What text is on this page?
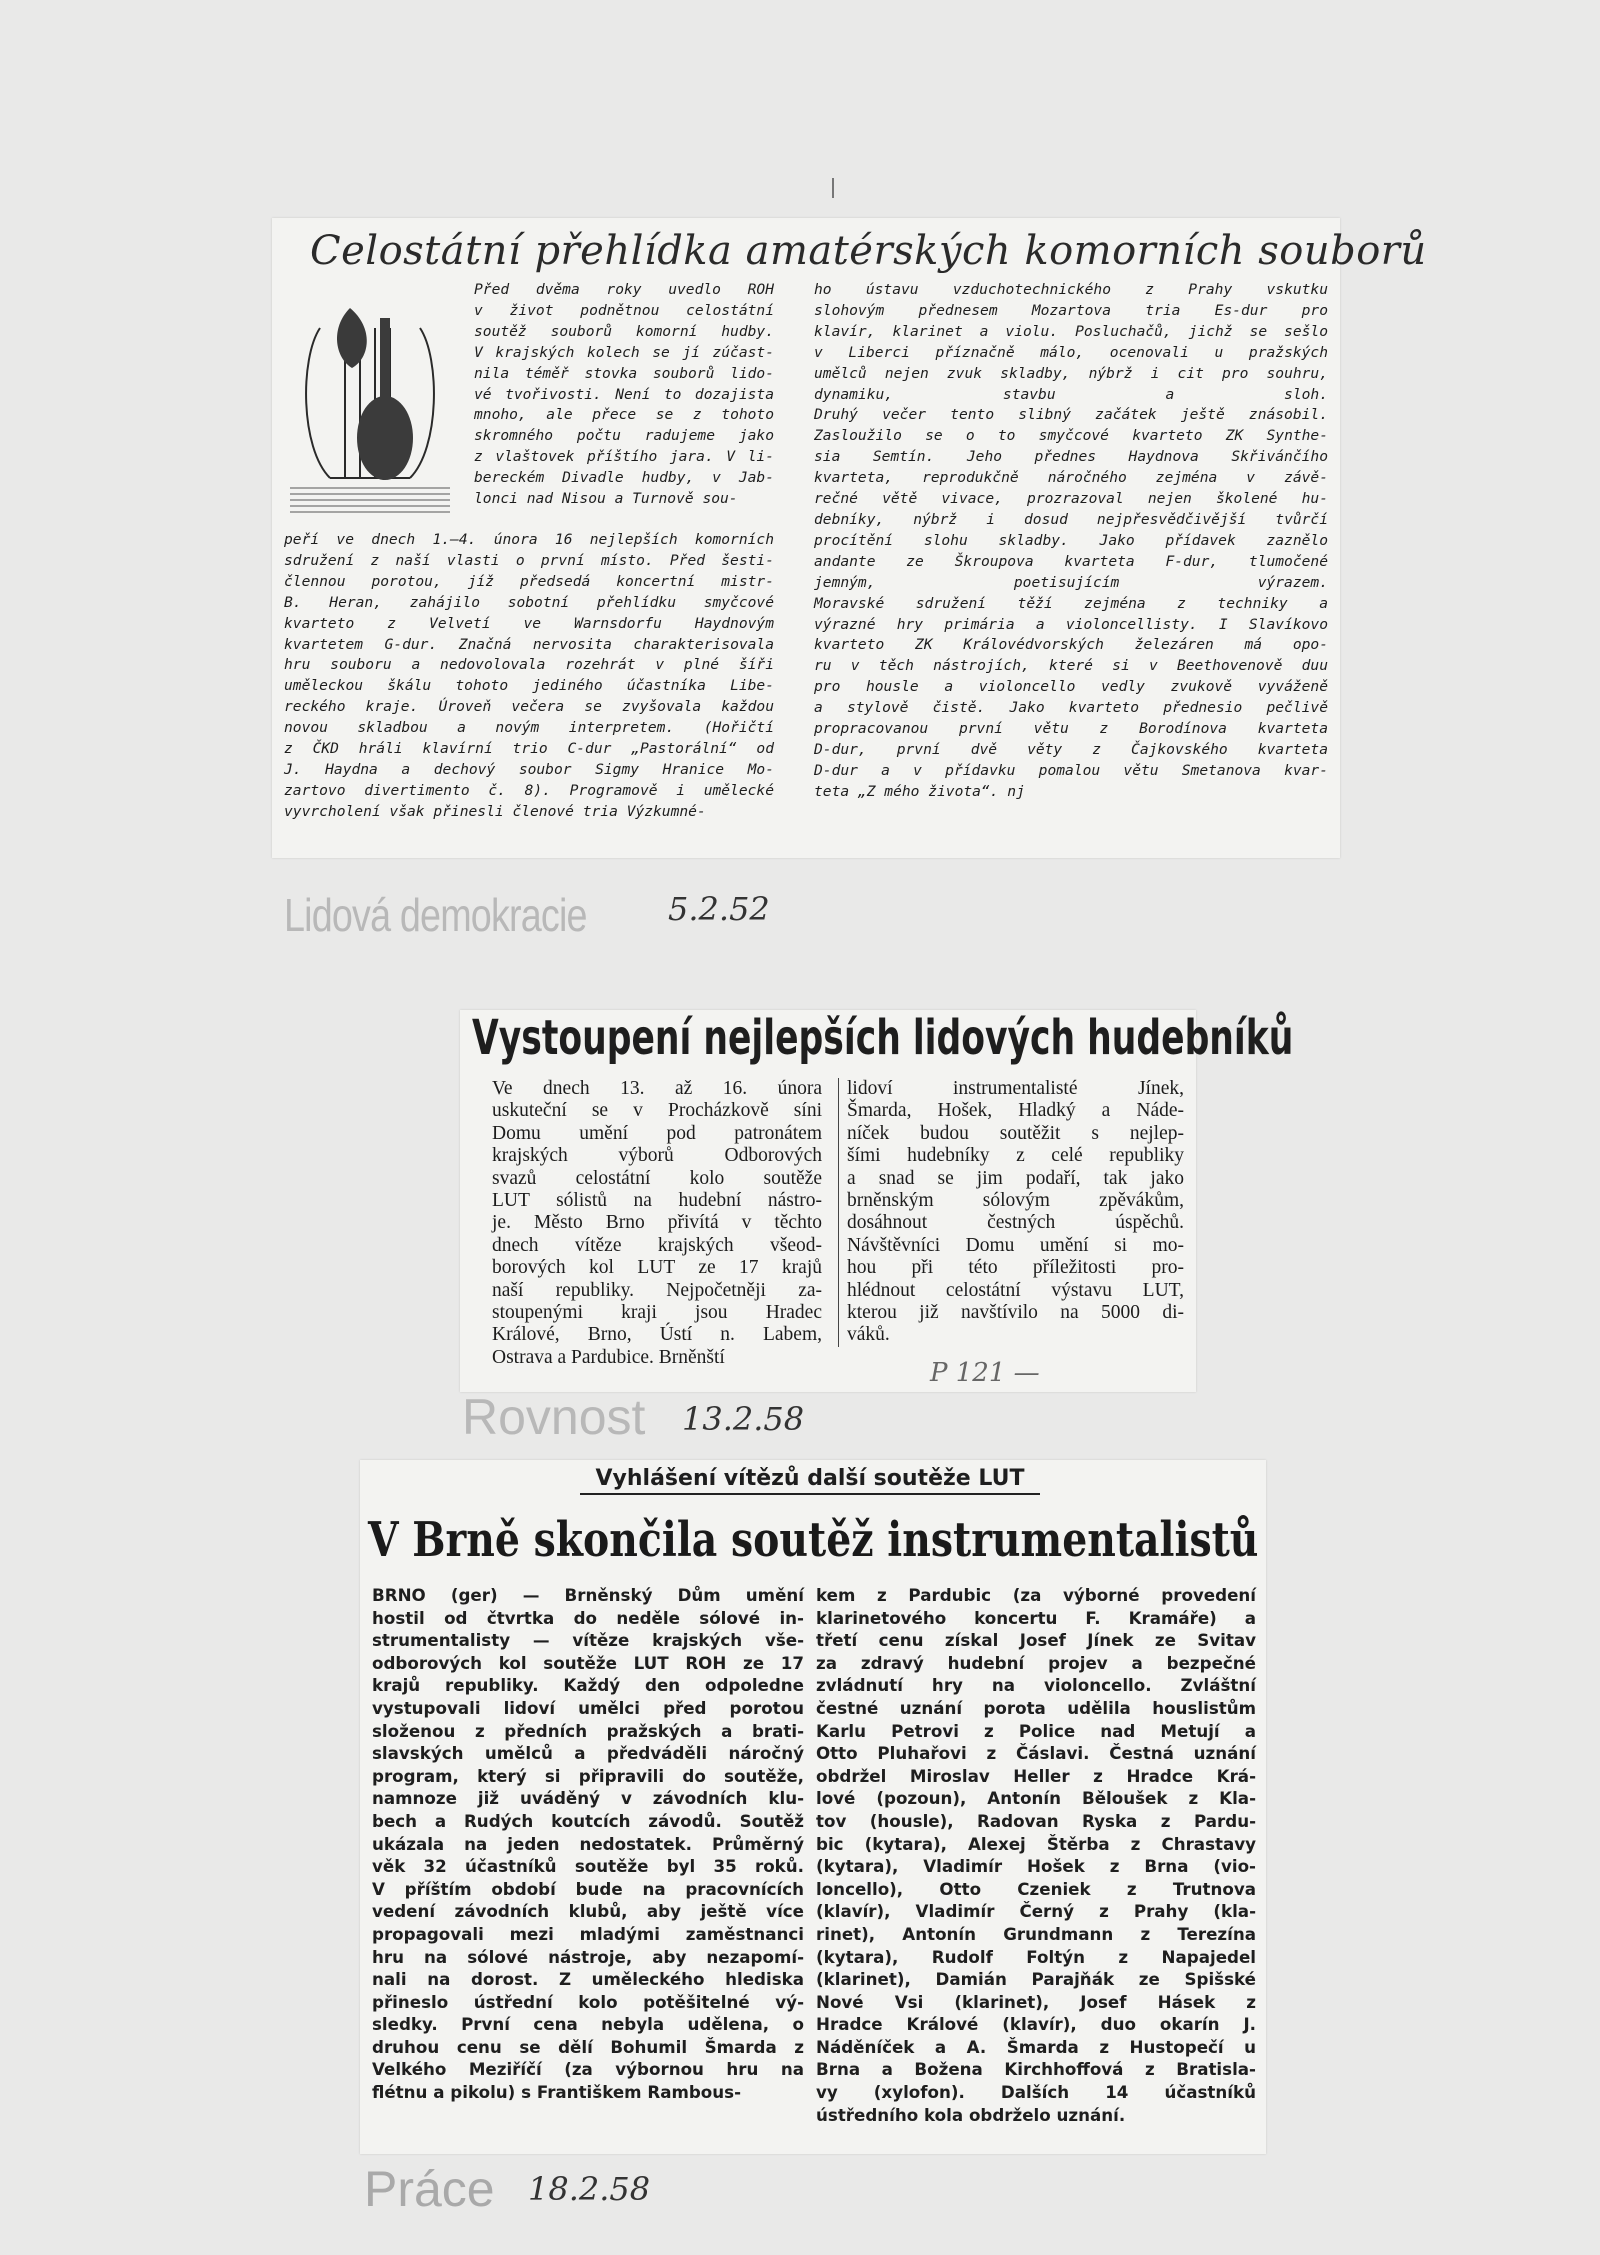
Celostátní přehlídka amatérských komorních souborů
Před dvěma roky uvedlo ROH
v život podnětnou celostátní
soutěž souborů komorní hudby.
V krajských kolech se jí zúčast-
nila téměř stovka souborů lido-
vé tvořivosti. Není to dozajista
mnoho, ale přece se z tohoto
skromného počtu radujeme jako
z vlaštovek příštího jara. V li-
bereckém Divadle hudby, v Jab-
lonci nad Nisou a Turnově sou-
peří ve dnech 1.—4. února 16 nejlepších komorních
sdružení z naší vlasti o první místo. Před šesti-
člennou porotou, jíž předsedá koncertní mistr-
B. Heran, zahájilo sobotní přehlídku smyčcové
kvarteto z Velvetí ve Warnsdorfu Haydnovým
kvartetem G-dur. Značná nervosita charakterisovala
hru souboru a nedovolovala rozehrát v plné šíři
uměleckou škálu tohoto jediného účastníka Libe-
reckého kraje. Úroveň večera se zvyšovala každou
novou skladbou a novým interpretem. (Hořičtí
z ČKD hráli klavírní trio C-dur „Pastorální“ od
J. Haydna a dechový soubor Sigmy Hranice Mo-
zartovo divertimento č. 8). Programově i umělecké
vyvrcholení však přinesli členové tria Výzkumné-
ho ústavu vzduchotechnického z Prahy vskutku
slohovým přednesem Mozartova tria Es-dur pro
klavír, klarinet a violu. Posluchačů, jichž se sešlo
v Liberci příznačně málo, ocenovali u pražských
umělců nejen zvuk skladby, nýbrž i cit pro souhru,
dynamiku, stavbu a sloh.
Druhý večer tento slibný začátek ještě znásobil.
Zasloužilo se o to smyčcové kvarteto ZK Synthe-
sia Semtín. Jeho přednes Haydnova Skřivánčího
kvarteta, reprodukčně náročného zejména v závě-
rečné větě vivace, prozrazoval nejen školené hu-
debníky, nýbrž i dosud nejpřesvědčivější tvůrčí
procítění slohu skladby. Jako přídavek zaznělo
andante ze Škroupova kvarteta F-dur, tlumočené
jemným, poetisujícím výrazem.
Moravské sdružení těží zejména z techniky a
výrazné hry primária a violoncellisty. I Slavíkovo
kvarteto ZK Královédvorských železáren má opo-
ru v těch nástrojích, které si v Beethovenově duu
pro housle a violoncello vedly zvukově vyváženě
a stylově čistě. Jako kvarteto přednesio pečlivě
propracovanou první větu z Borodínova kvarteta
D-dur, první dvě věty z Čajkovského kvarteta
D-dur a v přídavku pomalou větu Smetanova kvar-
teta „Z mého života“. nj
Lidová demokracie	5.2.52
Vystoupení nejlepších lidových hudebníků
Ve dnech 13. až 16. února
uskuteční se v Procházkově síni
Domu umění pod patronátem
krajských výborů Odborových
svazů celostátní kolo soutěže
LUT sólistů na hudební nástro-
je. Město Brno přivítá v těchto
dnech vítěze krajských všeod-
borových kol LUT ze 17 krajů
naší republiky. Nejpočetněji za-
stoupenými kraji jsou Hradec
Králové, Brno, Ústí n. Labem,
Ostrava a Pardubice. Brněnští
lidoví instrumentalisté Jínek,
Šmarda, Hošek, Hladký a Náde-
níček budou soutěžit s nejlep-
šími hudebníky z celé republiky
a snad se jim podaří, tak jako
brněnským sólovým zpěvákům,
dosáhnout čestných úspěchů.
Návštěvníci Domu umění si mo-
hou při této příležitosti pro-
hlédnout celostátní výstavu LUT,
kterou již navštívilo na 5000 di-
váků.
P 121 —
Rovnost 13.2.58
Vyhlášení vítězů další soutěže LUT
V Brně skončila soutěž instrumentalistů
BRNO (ger) — Brněnský Dům umění
hostil od čtvrtka do neděle sólové in-
strumentalisty — vítěze krajských vše-
odborových kol soutěže LUT ROH ze 17
krajů republiky. Každý den odpoledne
vystupovali lidoví umělci před porotou
složenou z předních pražských a brati-
slavských umělců a předváděli náročný
program, který si připravili do soutěže,
namnoze již uváděný v závodních klu-
bech a Rudých koutcích závodů. Soutěž
ukázala na jeden nedostatek. Průměrný
věk 32 účastníků soutěže byl 35 roků.
V příštím období bude na pracovnících
vedení závodních klubů, aby ještě více
propagovali mezi mladými zaměstnanci
hru na sólové nástroje, aby nezapomí-
nali na dorost. Z uměleckého hlediska
přineslo ústřední kolo potěšitelné vý-
sledky. První cena nebyla udělena, o
druhou cenu se dělí Bohumil Šmarda z
Velkého Meziříčí (za výbornou hru na
flétnu a pikolu) s Františkem Rambous-
kem z Pardubic (za výborné provedení
klarinetového koncertu F. Kramáře) a
třetí cenu získal Josef Jínek ze Svitav
za zdravý hudební projev a bezpečné
zvládnutí hry na violoncello. Zvláštní
čestné uznání porota udělila houslistům
Karlu Petrovi z Police nad Metují a
Otto Pluhařovi z Čáslavi. Čestná uznání
obdržel Miroslav Heller z Hradce Krá-
lové (pozoun), Antonín Běloušek z Kla-
tov (housle), Radovan Ryska z Pardu-
bic (kytara), Alexej Štěrba z Chrastavy
(kytara), Vladimír Hošek z Brna (vio-
loncello), Otto Czeniek z Trutnova
(klavír), Vladimír Černý z Prahy (kla-
rinet), Antonín Grundmann z Terezína
(kytara), Rudolf Foltýn z Napajedel
(klarinet), Damián Parajňák ze Spišské
Nové Vsi (klarinet), Josef Hásek z
Hradce Králové (klavír), duo okarín J.
Náděníček a A. Šmarda z Hustopečí u
Brna a Božena Kirchhoffová z Bratisla-
vy (xylofon). Dalších 14 účastníků
ústředního kola obdrželo uznání.
Práce 18.2.58
